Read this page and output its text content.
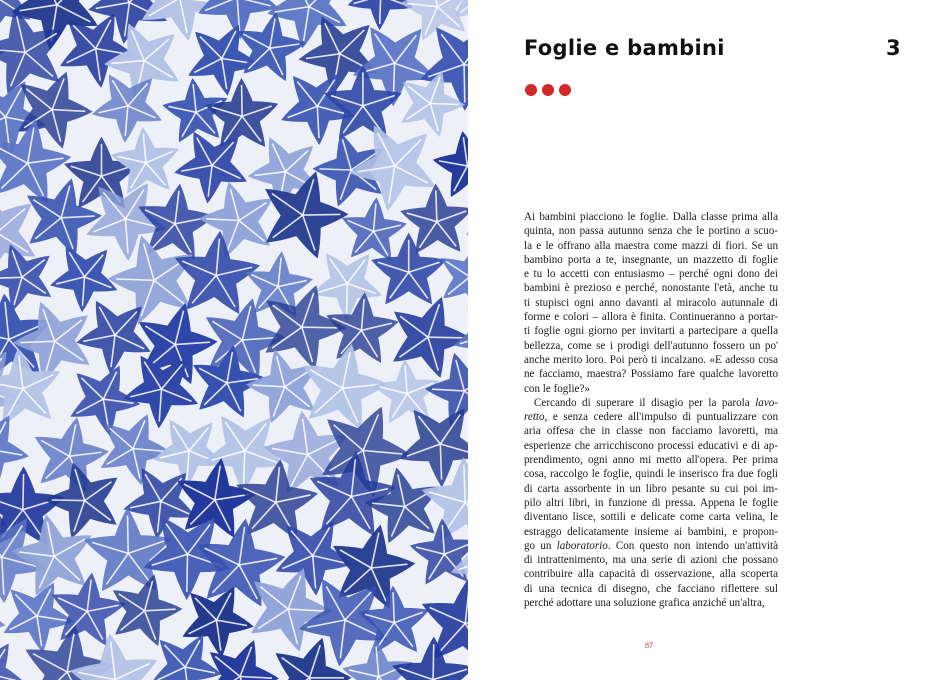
Foglie e bambini	3

Ai bambini piacciono le foglie. Dalla classe prima alla
quinta, non passa autunno senza che le portino a scuo-
la e le offrano alla maestra come mazzi di fiori. Se un
bambino porta a te, insegnante, un mazzetto di foglie
e tu lo accetti con entusiasmo – perché ogni dono dei
bambini è prezioso e perché, nonostante l'età, anche tu
ti stupisci ogni anno davanti al miracolo autunnale di
forme e colori – allora è finita. Continueranno a portar-
ti foglie ogni giorno per invitarti a partecipare a quella
bellezza, come se i prodigi dell'autunno fossero un po'
anche merito loro. Poi però ti incalzano. «E adesso cosa
ne facciamo, maestra? Possiamo fare qualche lavoretto
con le foglie?»

Cercando di superare il disagio per la parola lavo-
retto, e senza cedere all'impulso di puntualizzare con
aria offesa che in classe non facciamo lavoretti, ma
esperienze che arricchiscono processi educativi e di ap-
prendimento, ogni anno mi metto all'opera. Per prima
cosa, raccolgo le foglie, quindi le inserisco fra due fogli
di carta assorbente in un libro pesante su cui poi im-
pilo altri libri, in funzione di pressa. Appena le foglie
diventano lisce, sottili e delicate come carta velina, le
estraggo delicatamente insieme ai bambini, e propon-
go un laboratorio. Con questo non intendo un'attività
di intrattenimento, ma una serie di azioni che possano
contribuire alla capacità di osservazione, alla scoperta
di una tecnica di disegno, che facciano riflettere sul
perché adottare una soluzione grafica anziché un'altra,

87
